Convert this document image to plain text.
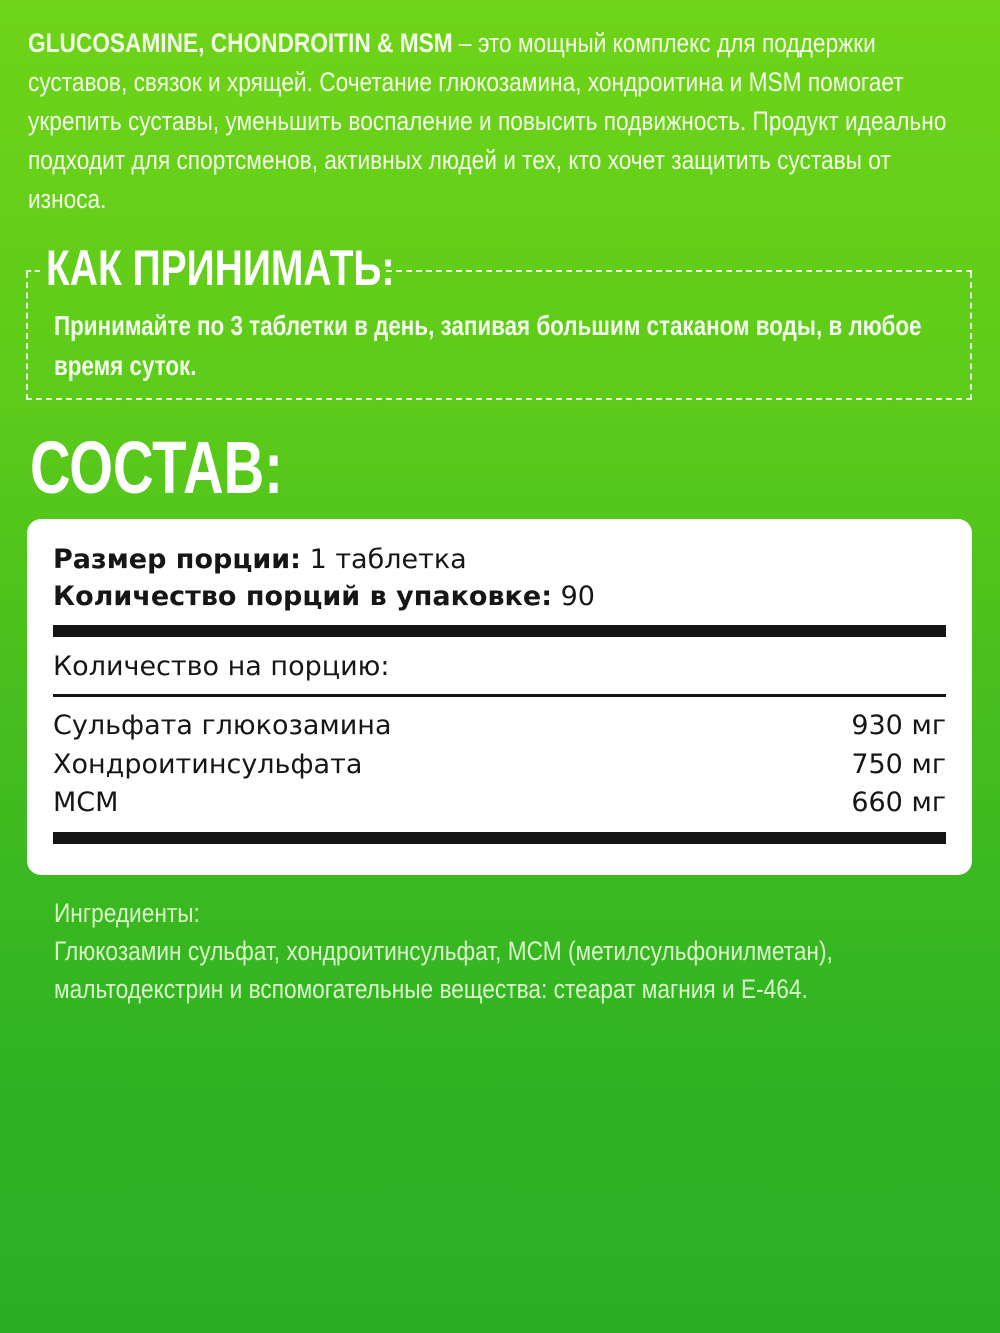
GLUCOSAMINE, CHONDROITIN & MSM – это мощный комплекс для поддержки суставов, связок и хрящей. Сочетание глюкозамина, хондроитина и MSM помогает укрепить суставы, уменьшить воспаление и повысить подвижность. Продукт идеально подходит для спортсменов, активных людей и тех, кто хочет защитить суставы от износа.
КАК ПРИНИМАТЬ:
Принимайте по 3 таблетки в день, запивая большим стаканом воды, в любое время суток.
СОСТАВ:
Размер порции: 1 таблетка
Количество порций в упаковке: 90
Количество на порцию:
Сульфата глюкозамина	930 мг
Хондроитинсульфата	750 мг
МСМ	660 мг
Ингредиенты:
Глюкозамин сульфат, хондроитинсульфат, МСМ (метилсульфонилметан), мальтодекстрин и вспомогательные вещества: стеарат магния и Е-464.
